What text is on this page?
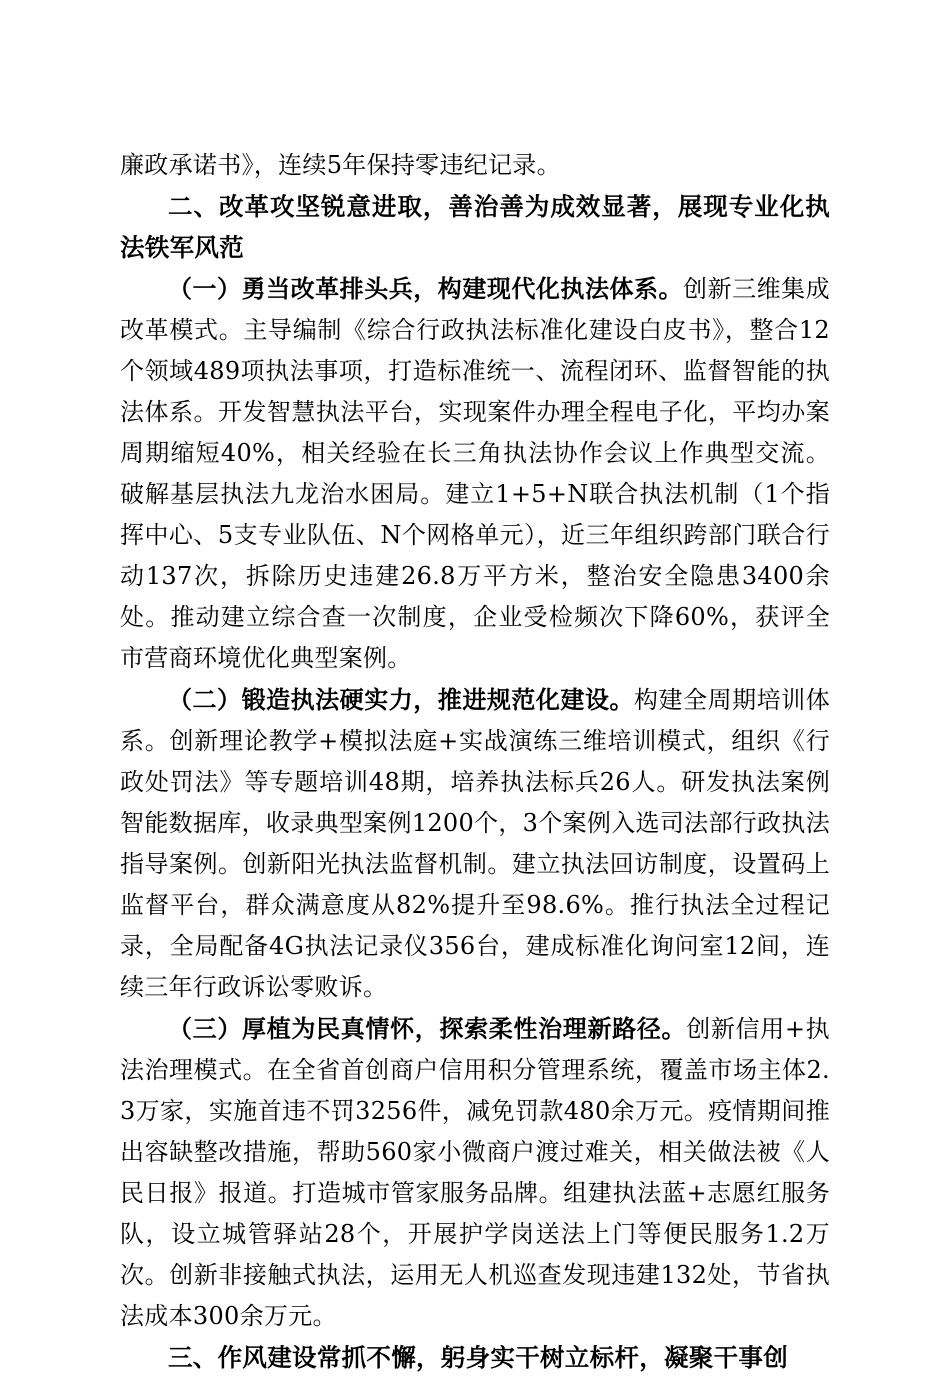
廉政承诺书》，连续5年保持零违纪记录。

二、改革攻坚锐意进取，善治善为成效显著，展现专业化执法铁军风范

（一）勇当改革排头兵，构建现代化执法体系。创新三维集成改革模式。主导编制《综合行政执法标准化建设白皮书》，整合12个领域489项执法事项，打造标准统一、流程闭环、监督智能的执法体系。开发智慧执法平台，实现案件办理全程电子化，平均办案周期缩短40%，相关经验在长三角执法协作会议上作典型交流。破解基层执法九龙治水困局。建立1+5+N联合执法机制（1个指挥中心、5支专业队伍、N个网格单元），近三年组织跨部门联合行动137次，拆除历史违建26.8万平方米，整治安全隐患3400余处。推动建立综合查一次制度，企业受检频次下降60%，获评全市营商环境优化典型案例。

（二）锻造执法硬实力，推进规范化建设。构建全周期培训体系。创新理论教学+模拟法庭+实战演练三维培训模式，组织《行政处罚法》等专题培训48期，培养执法标兵26人。研发执法案例智能数据库，收录典型案例1200个，3个案例入选司法部行政执法指导案例。创新阳光执法监督机制。建立执法回访制度，设置码上监督平台，群众满意度从82%提升至98.6%。推行执法全过程记录，全局配备4G执法记录仪356台，建成标准化询问室12间，连续三年行政诉讼零败诉。

（三）厚植为民真情怀，探索柔性治理新路径。创新信用+执法治理模式。在全省首创商户信用积分管理系统，覆盖市场主体2.3万家，实施首违不罚3256件，减免罚款480余万元。疫情期间推出容缺整改措施，帮助560家小微商户渡过难关，相关做法被《人民日报》报道。打造城市管家服务品牌。组建执法蓝+志愿红服务队，设立城管驿站28个，开展护学岗送法上门等便民服务1.2万次。创新非接触式执法，运用无人机巡查发现违建132处，节省执法成本300余万元。

三、作风建设常抓不懈，躬身实干树立标杆，凝聚干事创
